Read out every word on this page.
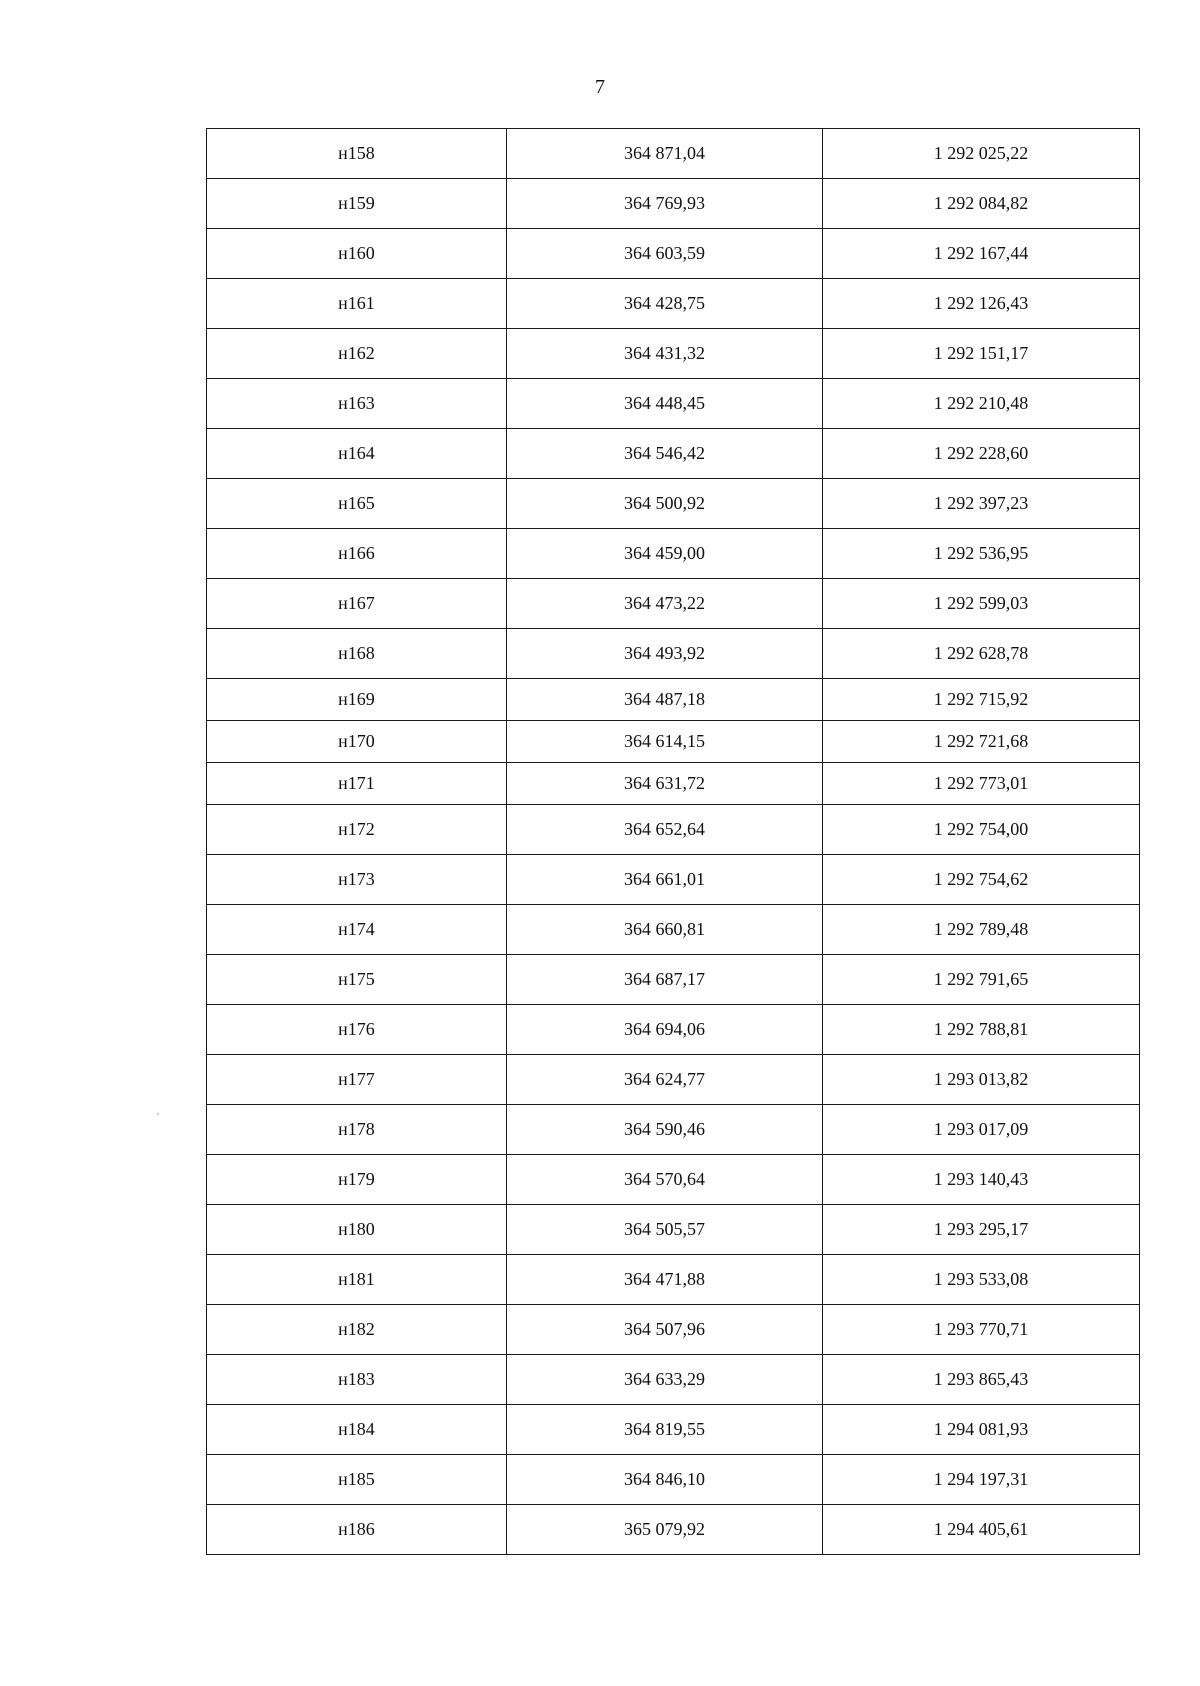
7
н158	364 871,04	1 292 025,22
н159	364 769,93	1 292 084,82
н160	364 603,59	1 292 167,44
н161	364 428,75	1 292 126,43
н162	364 431,32	1 292 151,17
н163	364 448,45	1 292 210,48
н164	364 546,42	1 292 228,60
н165	364 500,92	1 292 397,23
н166	364 459,00	1 292 536,95
н167	364 473,22	1 292 599,03
н168	364 493,92	1 292 628,78
н169	364 487,18	1 292 715,92
н170	364 614,15	1 292 721,68
н171	364 631,72	1 292 773,01
н172	364 652,64	1 292 754,00
н173	364 661,01	1 292 754,62
н174	364 660,81	1 292 789,48
н175	364 687,17	1 292 791,65
н176	364 694,06	1 292 788,81
н177	364 624,77	1 293 013,82
н178	364 590,46	1 293 017,09
н179	364 570,64	1 293 140,43
н180	364 505,57	1 293 295,17
н181	364 471,88	1 293 533,08
н182	364 507,96	1 293 770,71
н183	364 633,29	1 293 865,43
н184	364 819,55	1 294 081,93
н185	364 846,10	1 294 197,31
н186	365 079,92	1 294 405,61
´
